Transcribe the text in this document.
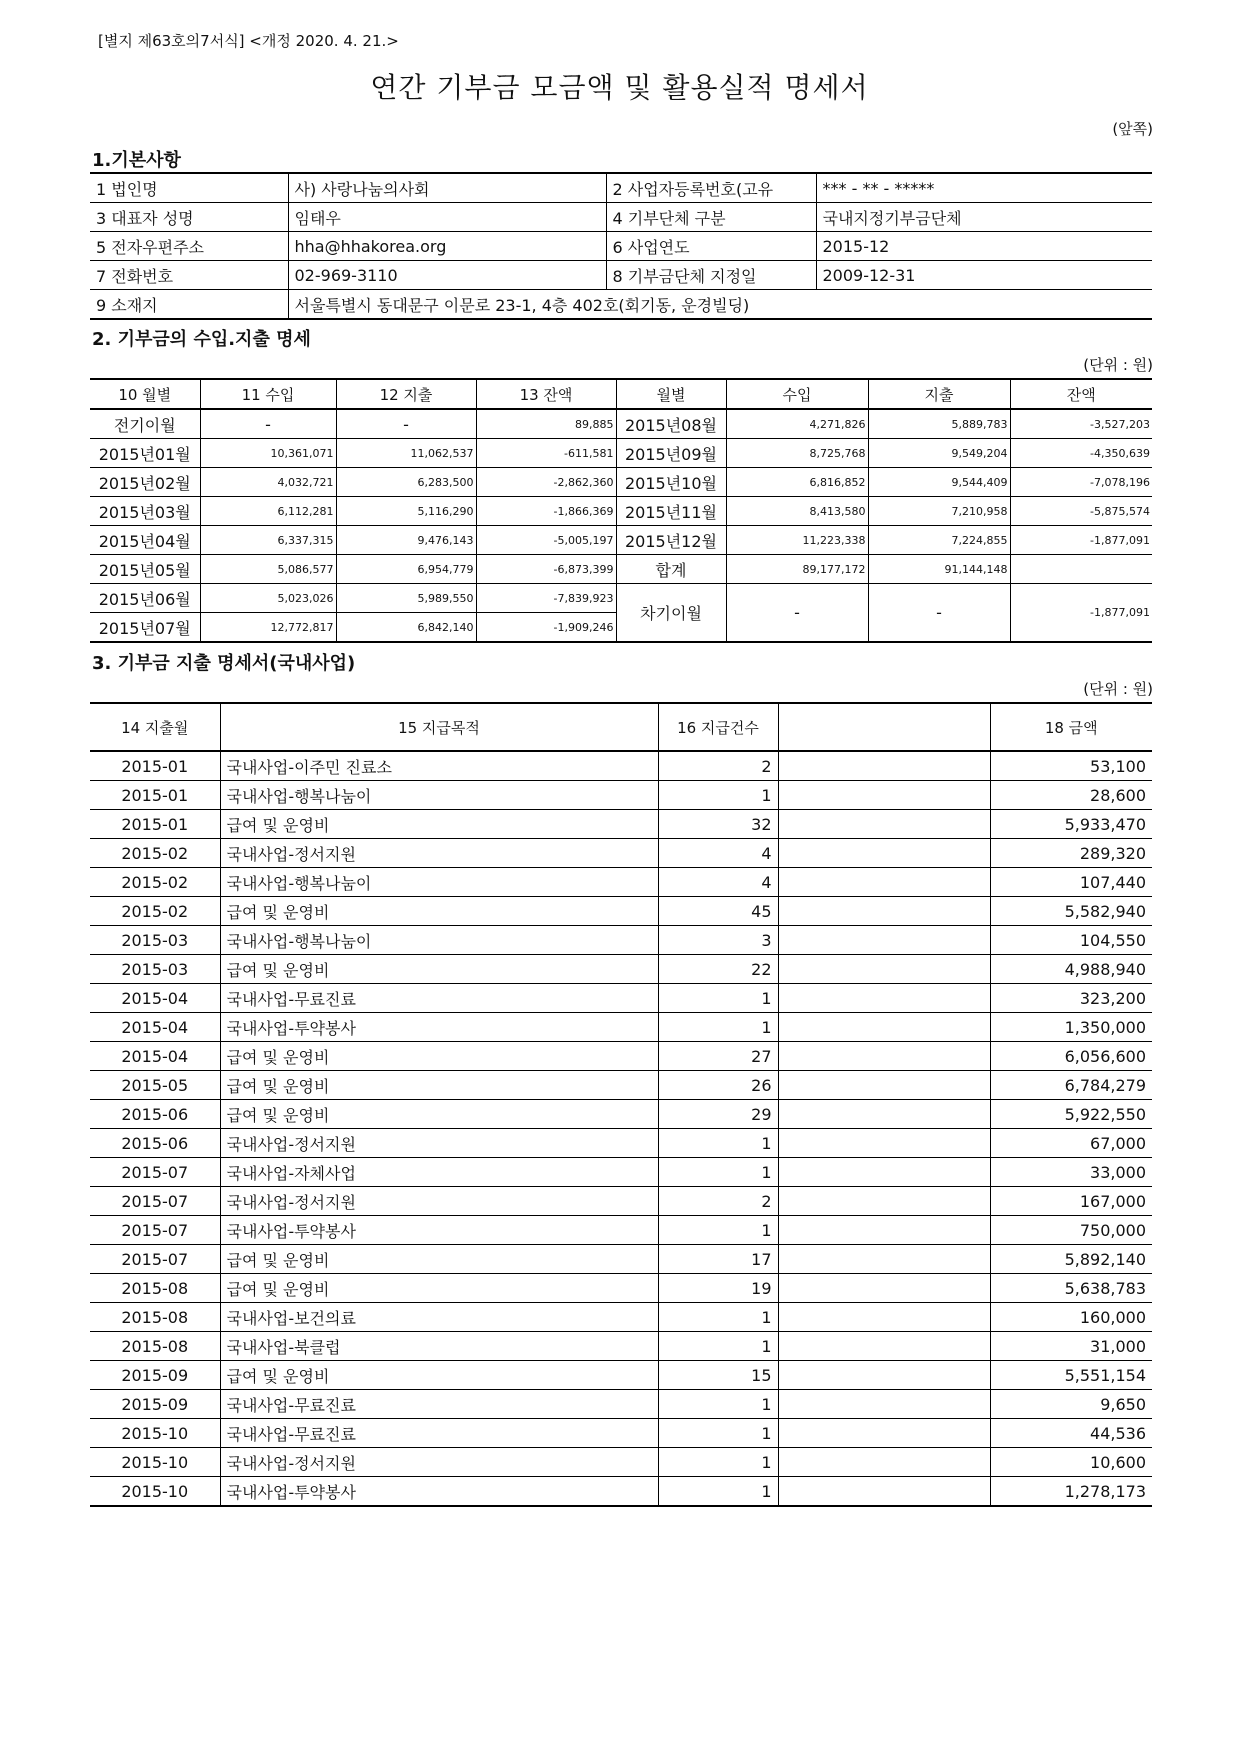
[별지 제63호의7서식] <개정 2020. 4. 21.>
연간 기부금 모금액 및 활용실적 명세서
(앞쪽)
1.기본사항
1 법인명	사) 사랑나눔의사회	2 사업자등록번호(고유	*** - ** - *****
3 대표자 성명	임태우	4 기부단체 구분	국내지정기부금단체
5 전자우편주소	hha@hhakorea.org	6 사업연도	2015-12
7 전화번호	02-969-3110	8 기부금단체 지정일	2009-12-31
9 소재지	서울특별시 동대문구 이문로 23-1, 4층 402호(회기동, 운경빌딩)		
2. 기부금의 수입.지출 명세
(단위 : 원)
10 월별	11 수입	12 지출	13 잔액	월별	수입	지출	잔액
전기이월	-	-	89,885	2015년08월	4,271,826	5,889,783	-3,527,203
2015년01월	10,361,071	11,062,537	-611,581	2015년09월	8,725,768	9,549,204	-4,350,639
2015년02월	4,032,721	6,283,500	-2,862,360	2015년10월	6,816,852	9,544,409	-7,078,196
2015년03월	6,112,281	5,116,290	-1,866,369	2015년11월	8,413,580	7,210,958	-5,875,574
2015년04월	6,337,315	9,476,143	-5,005,197	2015년12월	11,223,338	7,224,855	-1,877,091
2015년05월	5,086,577	6,954,779	-6,873,399	합계	89,177,172	91,144,148	
2015년06월	5,023,026	5,989,550	-7,839,923	차기이월	-	-	-1,877,091
2015년07월	12,772,817	6,842,140	-1,909,246				
3. 기부금 지출 명세서(국내사업)
(단위 : 원)
14 지출월	15 지급목적	16 지급건수		18 금액
2015-01	국내사업-이주민 진료소	2		53,100
2015-01	국내사업-행복나눔이	1		28,600
2015-01	급여 및 운영비	32		5,933,470
2015-02	국내사업-정서지원	4		289,320
2015-02	국내사업-행복나눔이	4		107,440
2015-02	급여 및 운영비	45		5,582,940
2015-03	국내사업-행복나눔이	3		104,550
2015-03	급여 및 운영비	22		4,988,940
2015-04	국내사업-무료진료	1		323,200
2015-04	국내사업-투약봉사	1		1,350,000
2015-04	급여 및 운영비	27		6,056,600
2015-05	급여 및 운영비	26		6,784,279
2015-06	급여 및 운영비	29		5,922,550
2015-06	국내사업-정서지원	1		67,000
2015-07	국내사업-자체사업	1		33,000
2015-07	국내사업-정서지원	2		167,000
2015-07	국내사업-투약봉사	1		750,000
2015-07	급여 및 운영비	17		5,892,140
2015-08	급여 및 운영비	19		5,638,783
2015-08	국내사업-보건의료	1		160,000
2015-08	국내사업-북클럽	1		31,000
2015-09	급여 및 운영비	15		5,551,154
2015-09	국내사업-무료진료	1		9,650
2015-10	국내사업-무료진료	1		44,536
2015-10	국내사업-정서지원	1		10,600
2015-10	국내사업-투약봉사	1		1,278,173
